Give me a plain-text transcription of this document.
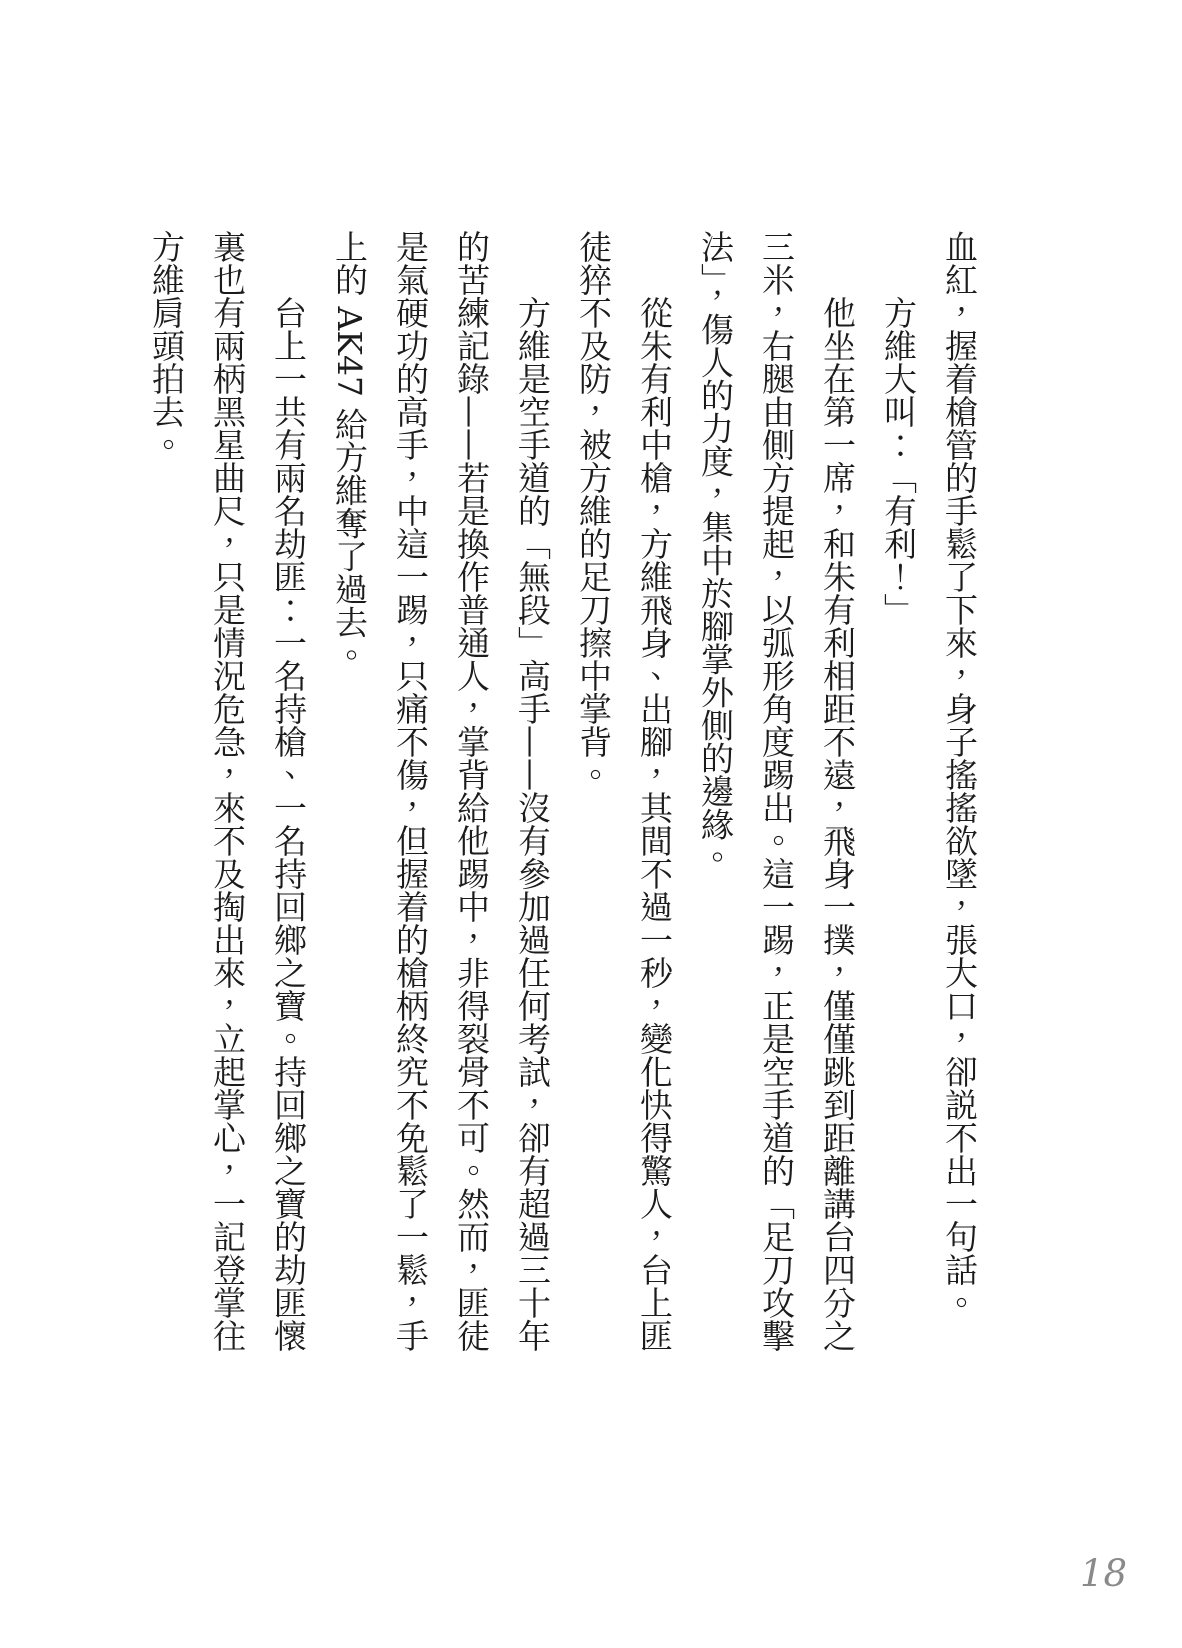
血紅，握着槍管的手鬆了下來，身子搖搖欲墜，張大口，卻説不出一句話。

方維大叫：「有利！」

他坐在第一席，和朱有利相距不遠，飛身一撲，僅僅跳到距離講台四分之三米，右腿由側方提起，以弧形角度踢出。這一踢，正是空手道的「足刀攻擊法」，傷人的力度，集中於腳掌外側的邊緣。

從朱有利中槍，方維飛身、出腳，其間不過一秒，變化快得驚人，台上匪徒猝不及防，被方維的足刀擦中掌背。

方維是空手道的「無段」高手——沒有參加過任何考試，卻有超過三十年的苦練記錄——若是換作普通人，掌背給他踢中，非得裂骨不可。然而，匪徒是氣硬功的高手，中這一踢，只痛不傷，但握着的槍柄終究不免鬆了一鬆，手上的 AK47 給方維奪了過去。

台上一共有兩名劫匪：一名持槍、一名持回鄉之寶。持回鄉之寶的劫匪懷裏也有兩柄黑星曲尺，只是情況危急，來不及掏出來，立起掌心，一記登掌往方維肩頭拍去。

18
